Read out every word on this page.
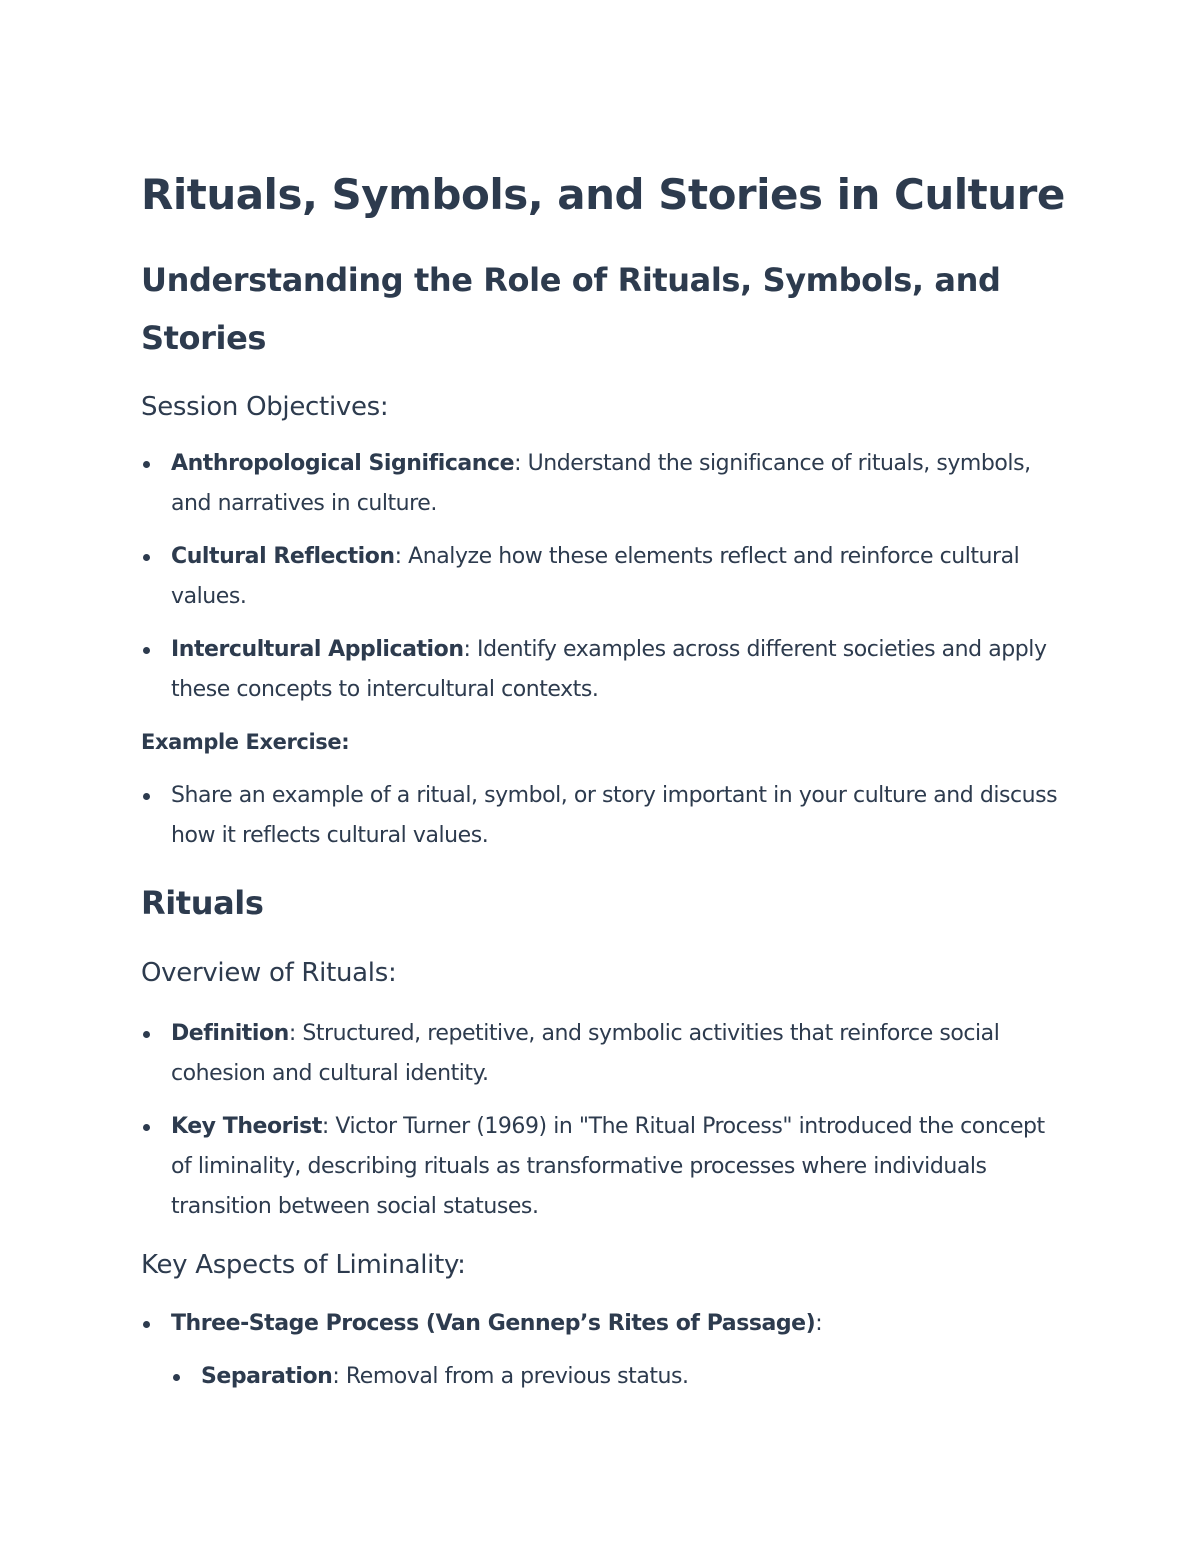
Rituals, Symbols, and Stories in Culture
Understanding the Role of Rituals, Symbols, and Stories
Session Objectives:
Anthropological Significance: Understand the significance of rituals, symbols, and narratives in culture.
Cultural Reflection: Analyze how these elements reflect and reinforce cultural values.
Intercultural Application: Identify examples across different societies and apply these concepts to intercultural contexts.
Example Exercise:
Share an example of a ritual, symbol, or story important in your culture and discuss how it reflects cultural values.
Rituals
Overview of Rituals:
Definition: Structured, repetitive, and symbolic activities that reinforce social cohesion and cultural identity.
Key Theorist: Victor Turner (1969) in "The Ritual Process" introduced the concept of liminality, describing rituals as transformative processes where individuals transition between social statuses.
Key Aspects of Liminality:
Three-Stage Process (Van Gennep’s Rites of Passage):
Separation: Removal from a previous status.
